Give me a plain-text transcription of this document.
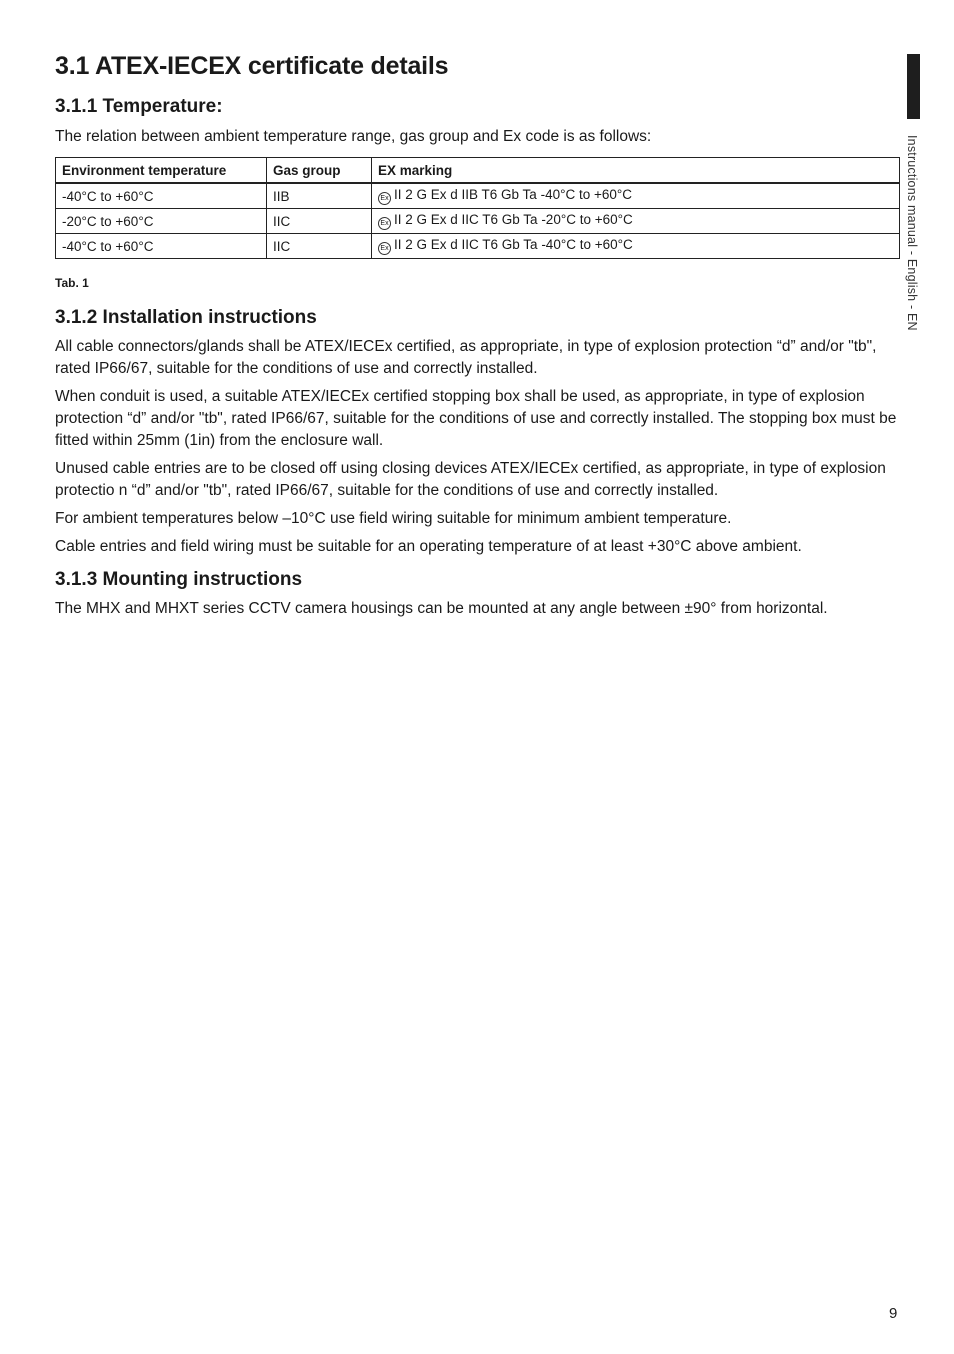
Instructions manual - English - EN
3.1 ATEX-IECEX certificate details
3.1.1 Temperature:

The relation between ambient temperature range, gas group and Ex code is as follows:

Environment temperature	Gas group	EX marking
-40°C to +60°C	IIB	Ex II 2 G Ex d IIB T6 Gb Ta -40°C to +60°C
-20°C to +60°C	IIC	Ex II 2 G Ex d IIC T6 Gb Ta -20°C to +60°C
-40°C to +60°C	IIC	Ex II 2 G Ex d IIC T6 Gb Ta -40°C to +60°C
Tab. 1
3.1.2 Installation instructions

All cable connectors/glands shall be ATEX/IECEx certified, as appropriate, in type of explosion protection “d” and/or "tb", rated IP66/67, suitable for the conditions of use and correctly installed.

When conduit is used, a suitable ATEX/IECEx certified stopping box shall be used, as appropriate, in type of explosion protection “d” and/or "tb", rated IP66/67, suitable for the conditions of use and correctly installed. The stopping box must be fitted within 25mm (1in) from the enclosure wall.

Unused cable entries are to be closed off using closing devices ATEX/IECEx certified, as appropriate, in type of explosion protectio n “d” and/or "tb", rated IP66/67, suitable for the conditions of use and correctly installed.

For ambient temperatures below –10°C use field wiring suitable for minimum ambient temperature.

Cable entries and field wiring must be suitable for an operating temperature of at least +30°C above ambient.

3.1.3 Mounting instructions

The MHX and MHXT series CCTV camera housings can be mounted at any angle between ±90° from horizontal.

9
